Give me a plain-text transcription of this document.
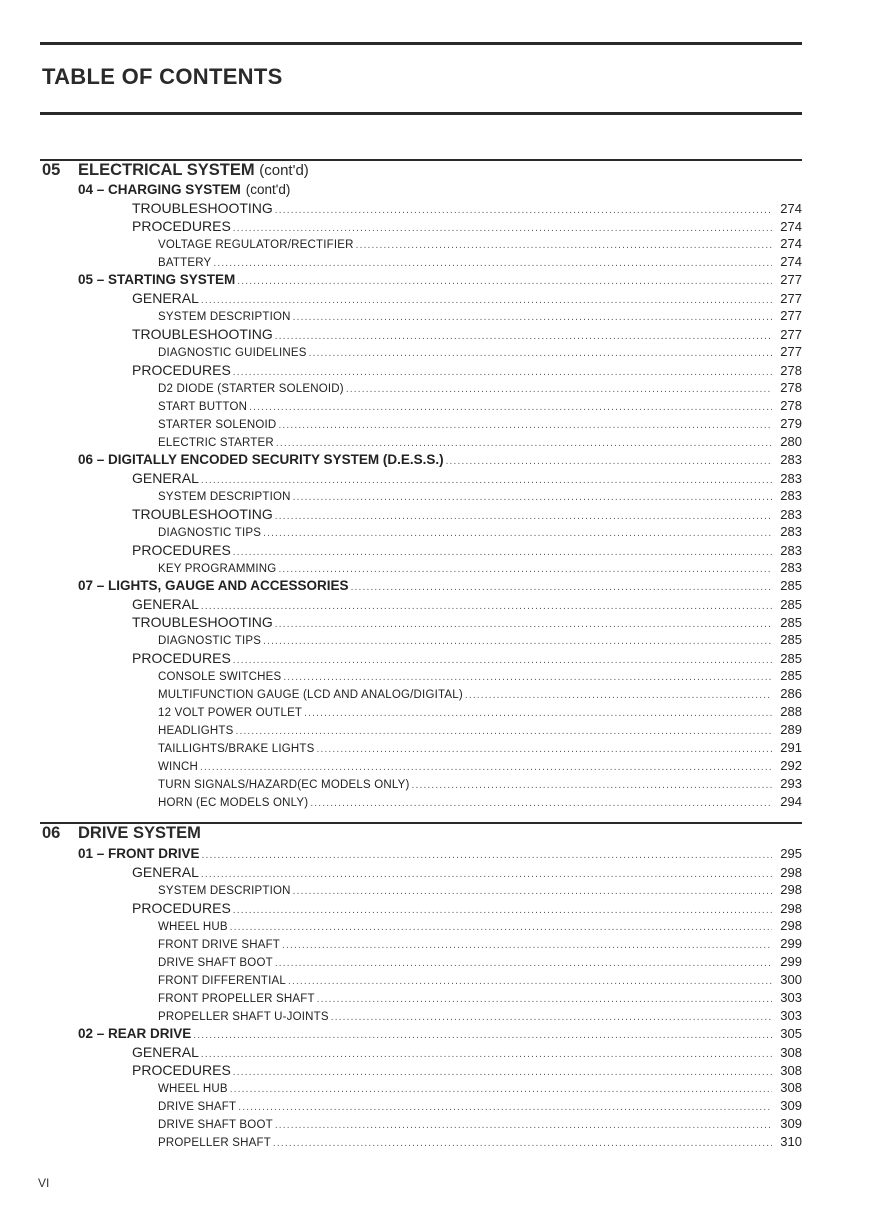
TABLE OF CONTENTS
05 ELECTRICAL SYSTEM (cont'd)
04 – CHARGING SYSTEM (cont'd)
TROUBLESHOOTING .....	274
PROCEDURES .....	274
VOLTAGE REGULATOR/RECTIFIER .....	274
BATTERY .....	274
05 – STARTING SYSTEM .....	277
GENERAL .....	277
SYSTEM DESCRIPTION .....	277
TROUBLESHOOTING .....	277
DIAGNOSTIC GUIDELINES .....	277
PROCEDURES .....	278
D2 DIODE (STARTER SOLENOID) .....	278
START BUTTON .....	278
STARTER SOLENOID .....	279
ELECTRIC STARTER .....	280
06 – DIGITALLY ENCODED SECURITY SYSTEM (D.E.S.S.) .....	283
GENERAL .....	283
SYSTEM DESCRIPTION .....	283
TROUBLESHOOTING .....	283
DIAGNOSTIC TIPS .....	283
PROCEDURES .....	283
KEY PROGRAMMING .....	283
07 – LIGHTS, GAUGE AND ACCESSORIES .....	285
GENERAL .....	285
TROUBLESHOOTING .....	285
DIAGNOSTIC TIPS .....	285
PROCEDURES .....	285
CONSOLE SWITCHES .....	285
MULTIFUNCTION GAUGE (LCD AND ANALOG/DIGITAL) .....	286
12 VOLT POWER OUTLET .....	288
HEADLIGHTS .....	289
TAILLIGHTS/BRAKE LIGHTS .....	291
WINCH .....	292
TURN SIGNALS/HAZARD(EC MODELS ONLY) .....	293
HORN (EC MODELS ONLY) .....	294
06 DRIVE SYSTEM
01 – FRONT DRIVE .....	295
GENERAL .....	298
SYSTEM DESCRIPTION .....	298
PROCEDURES .....	298
WHEEL HUB .....	298
FRONT DRIVE SHAFT .....	299
DRIVE SHAFT BOOT .....	299
FRONT DIFFERENTIAL .....	300
FRONT PROPELLER SHAFT .....	303
PROPELLER SHAFT U-JOINTS .....	303
02 – REAR DRIVE .....	305
GENERAL .....	308
PROCEDURES .....	308
WHEEL HUB .....	308
DRIVE SHAFT .....	309
DRIVE SHAFT BOOT .....	309
PROPELLER SHAFT .....	310
VI
